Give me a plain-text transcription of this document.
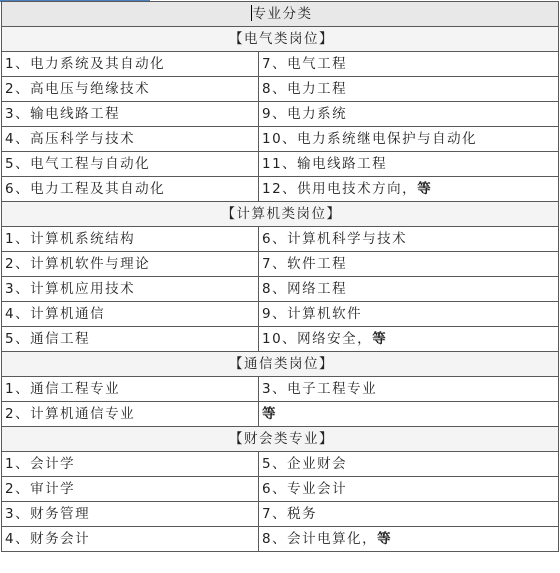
专业分类	
【电气类岗位】	
1、电力系统及其自动化	7、电气工程
2、高电压与绝缘技术	8、电力工程
3、输电线路工程	9、电力系统
4、高压科学与技术	10、电力系统继电保护与自动化
5、电气工程与自动化	11、输电线路工程
6、电力工程及其自动化	12、供用电技术方向，等
【计算机类岗位】	
1、计算机系统结构	6、计算机科学与技术
2、计算机软件与理论	7、软件工程
3、计算机应用技术	8、网络工程
4、计算机通信	9、计算机软件
5、通信工程	10、网络安全，等
【通信类岗位】	
1、通信工程专业	3、电子工程专业
2、计算机通信专业	等
【财会类专业】	
1、会计学	5、企业财会
2、审计学	6、专业会计
3、财务管理	7、税务
4、财务会计	8、会计电算化，等
